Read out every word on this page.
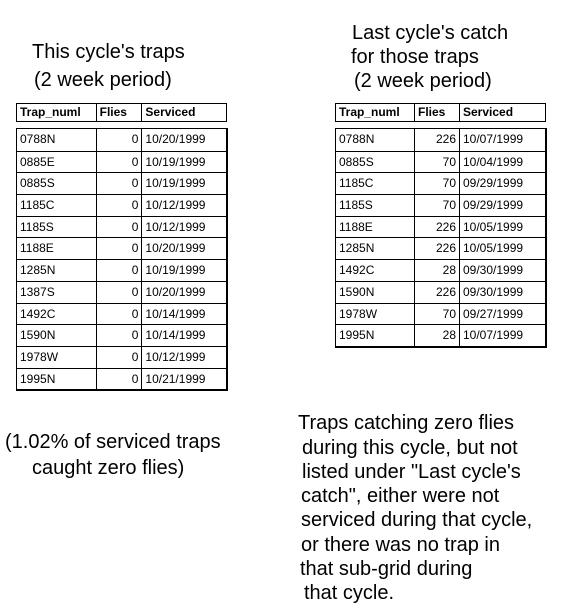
This cycle's traps
(2 week period)
Last cycle's catch
for those traps
(2 week period)
Trap_numl	Flies	Serviced
0788N	0 10/20/1999
0885E	0 10/19/1999
0885S	0 10/19/1999
1185C	0 10/12/1999
1185S	0 10/12/1999
1188E	0 10/20/1999
1285N	0 10/19/1999
1387S	0 10/20/1999
1492C	0 10/14/1999
1590N	0 10/14/1999
1978W	0 10/12/1999
1995N	0 10/21/1999
Trap_numl	Flies	Serviced
0788N	226 10/07/1999
0885S	70 10/04/1999
1185C	70 09/29/1999
1185S	70 09/29/1999
1188E	226 10/05/1999
1285N	226 10/05/1999
1492C	28 09/30/1999
1590N	226 09/30/1999
1978W	70 09/27/1999
1995N	28 10/07/1999
(1.02% of serviced traps
caught zero flies)
Traps catching zero flies
during this cycle, but not
listed under "Last cycle's
catch", either were not
serviced during that cycle,
or there was no trap in
that sub-grid during
that cycle.
